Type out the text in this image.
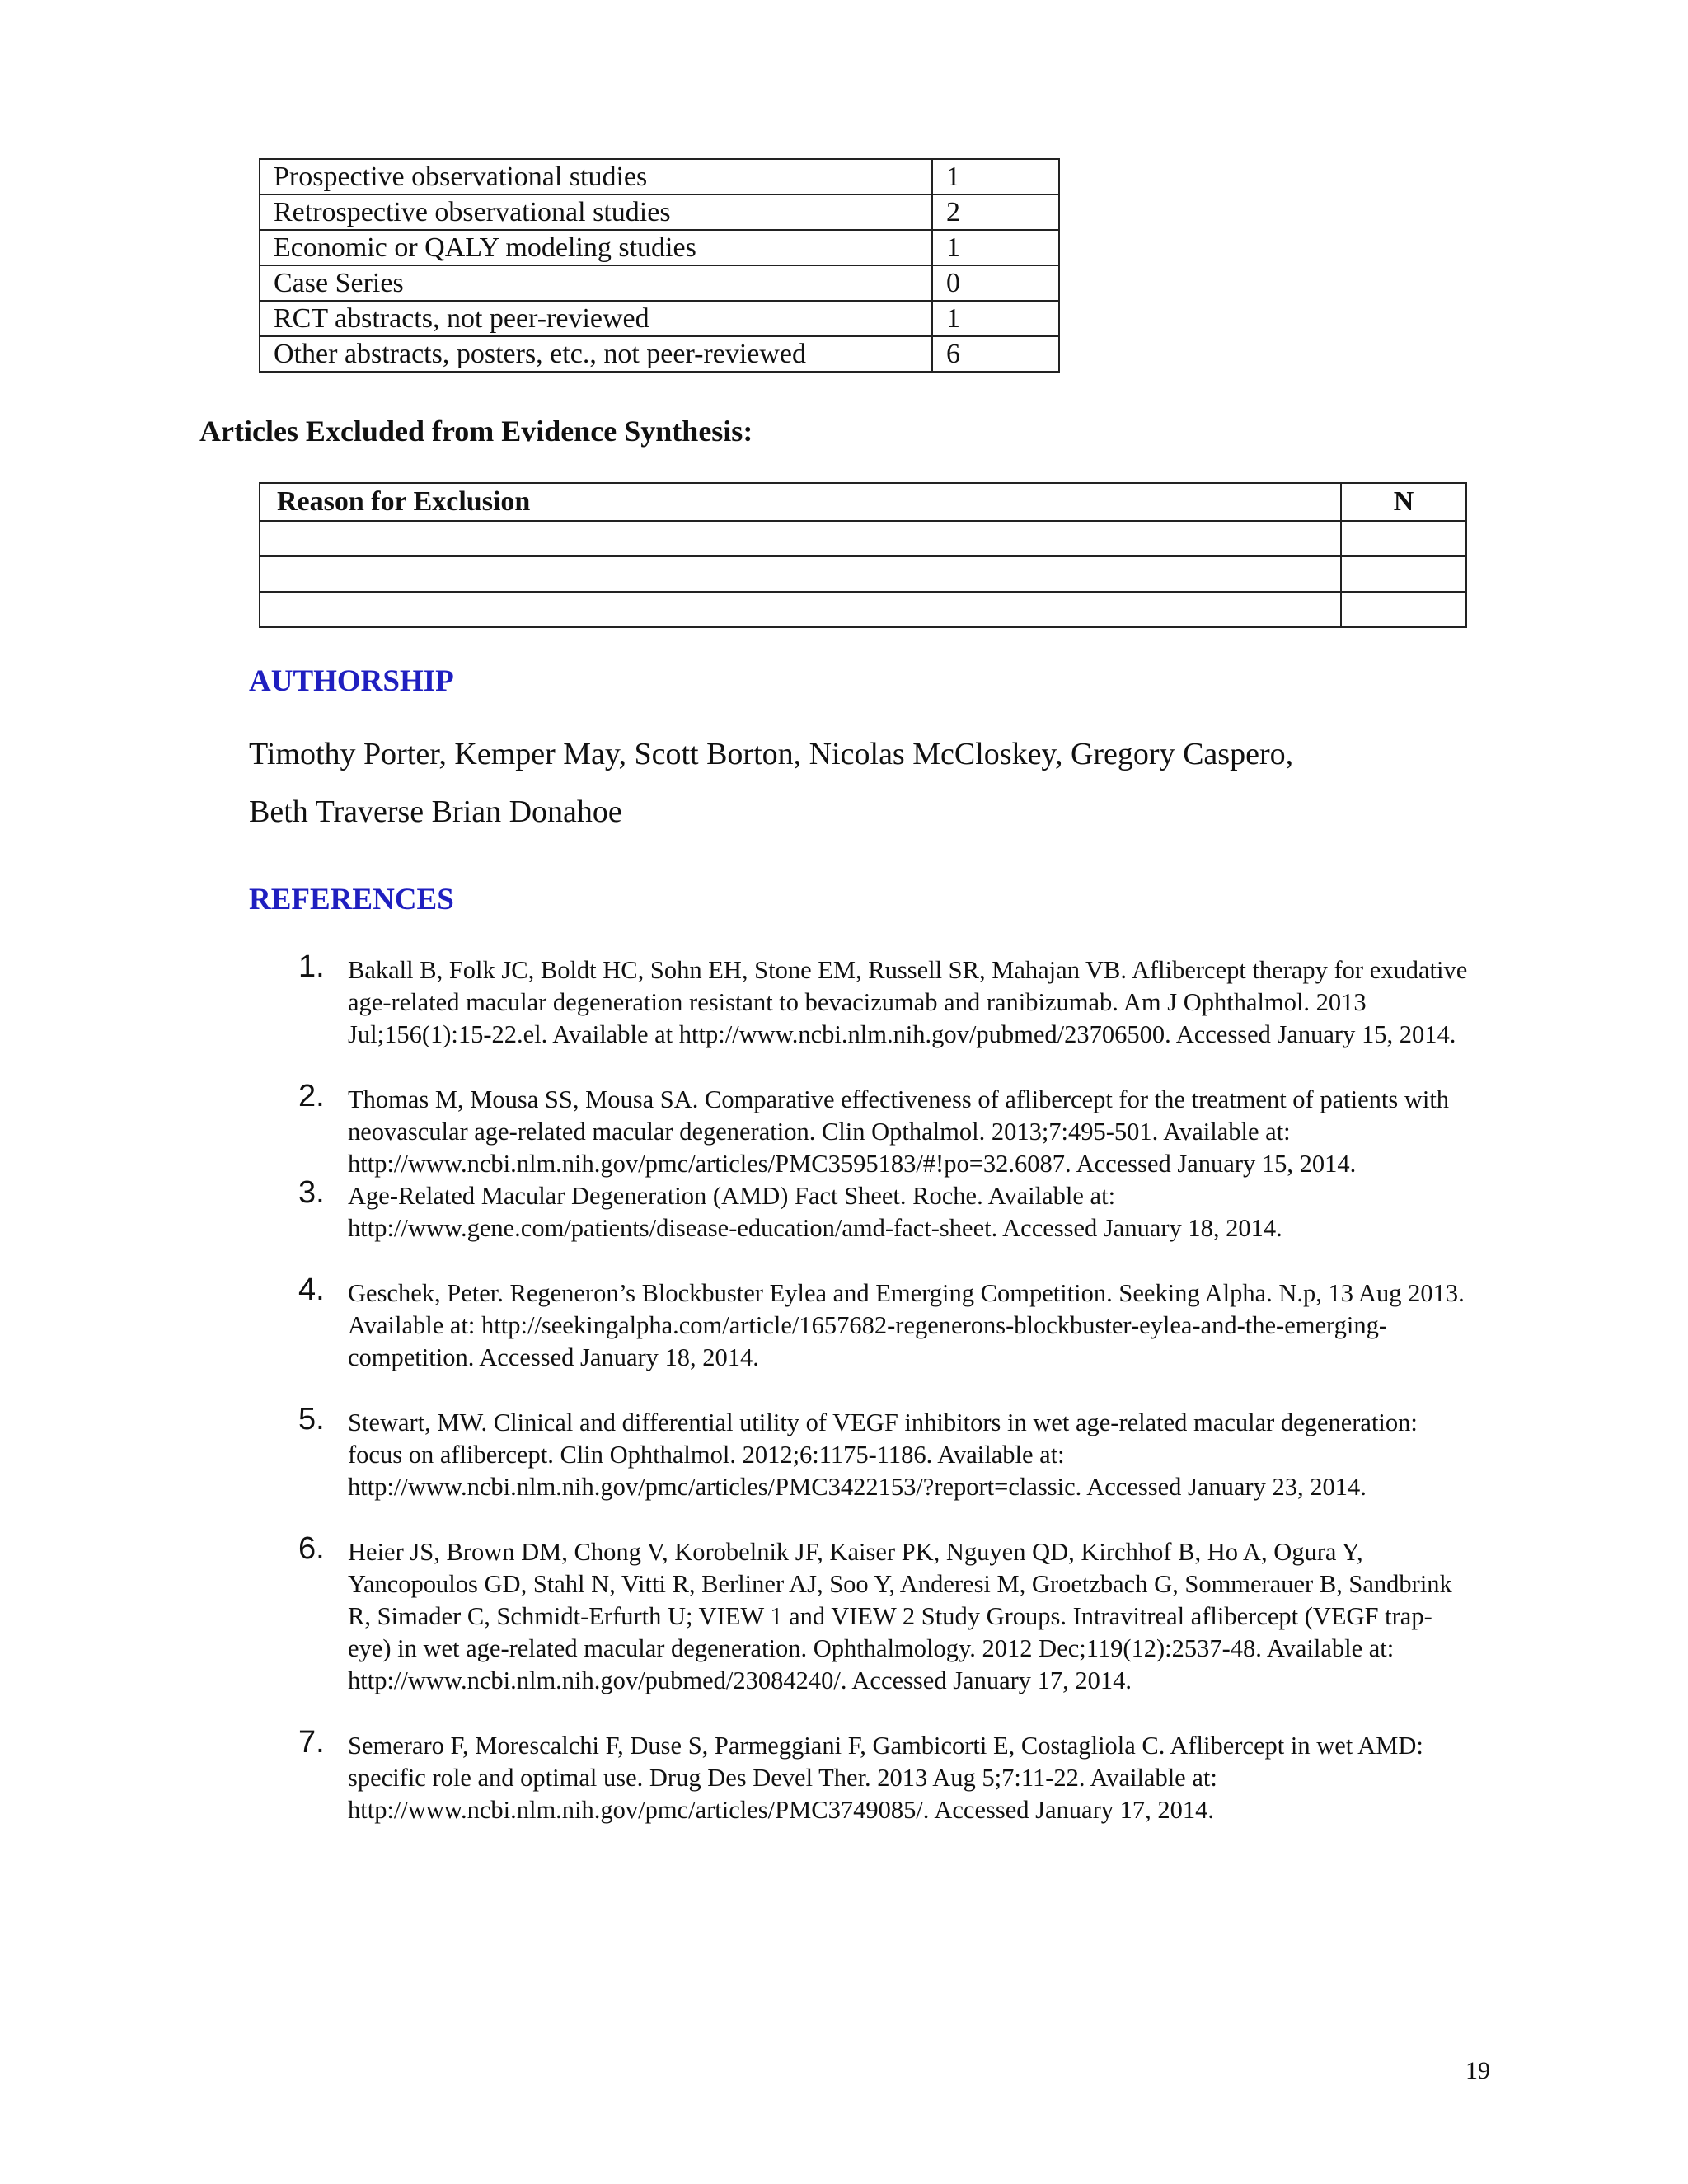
Prospective observational studies	1
Retrospective observational studies	2
Economic or QALY modeling studies	1
Case Series	0
RCT abstracts, not peer-reviewed	1
Other abstracts, posters, etc., not peer-reviewed	6
Articles Excluded from Evidence Synthesis:
Reason for Exclusion	N

AUTHORSHIP
Timothy Porter, Kemper May, Scott Borton, Nicolas McCloskey, Gregory Caspero, Beth Traverse Brian Donahoe
REFERENCES
1. Bakall B, Folk JC, Boldt HC, Sohn EH, Stone EM, Russell SR, Mahajan VB. Aflibercept therapy for exudative age-related macular degeneration resistant to bevacizumab and ranibizumab. Am J Ophthalmol. 2013 Jul;156(1):15-22.el. Available at http://www.ncbi.nlm.nih.gov/pubmed/23706500. Accessed January 15, 2014.
2. Thomas M, Mousa SS, Mousa SA. Comparative effectiveness of aflibercept for the treatment of patients with neovascular age-related macular degeneration. Clin Opthalmol. 2013;7:495-501. Available at: http://www.ncbi.nlm.nih.gov/pmc/articles/PMC3595183/#!po=32.6087. Accessed January 15, 2014.
3. Age-Related Macular Degeneration (AMD) Fact Sheet. Roche. Available at: http://www.gene.com/patients/disease-education/amd-fact-sheet. Accessed January 18, 2014.
4. Geschek, Peter. Regeneron’s Blockbuster Eylea and Emerging Competition. Seeking Alpha. N.p, 13 Aug 2013. Available at: http://seekingalpha.com/article/1657682-regenerons-blockbuster-eylea-and-the-emerging-competition. Accessed January 18, 2014.
5. Stewart, MW. Clinical and differential utility of VEGF inhibitors in wet age-related macular degeneration: focus on aflibercept. Clin Ophthalmol. 2012;6:1175-1186. Available at: http://www.ncbi.nlm.nih.gov/pmc/articles/PMC3422153/?report=classic. Accessed January 23, 2014.
6. Heier JS, Brown DM, Chong V, Korobelnik JF, Kaiser PK, Nguyen QD, Kirchhof B, Ho A, Ogura Y, Yancopoulos GD, Stahl N, Vitti R, Berliner AJ, Soo Y, Anderesi M, Groetzbach G, Sommerauer B, Sandbrink R, Simader C, Schmidt-Erfurth U; VIEW 1 and VIEW 2 Study Groups. Intravitreal aflibercept (VEGF trap-eye) in wet age-related macular degeneration. Ophthalmology. 2012 Dec;119(12):2537-48. Available at: http://www.ncbi.nlm.nih.gov/pubmed/23084240/. Accessed January 17, 2014.
7. Semeraro F, Morescalchi F, Duse S, Parmeggiani F, Gambicorti E, Costagliola C. Aflibercept in wet AMD: specific role and optimal use. Drug Des Devel Ther. 2013 Aug 5;7:11-22. Available at: http://www.ncbi.nlm.nih.gov/pmc/articles/PMC3749085/. Accessed January 17, 2014.
19
